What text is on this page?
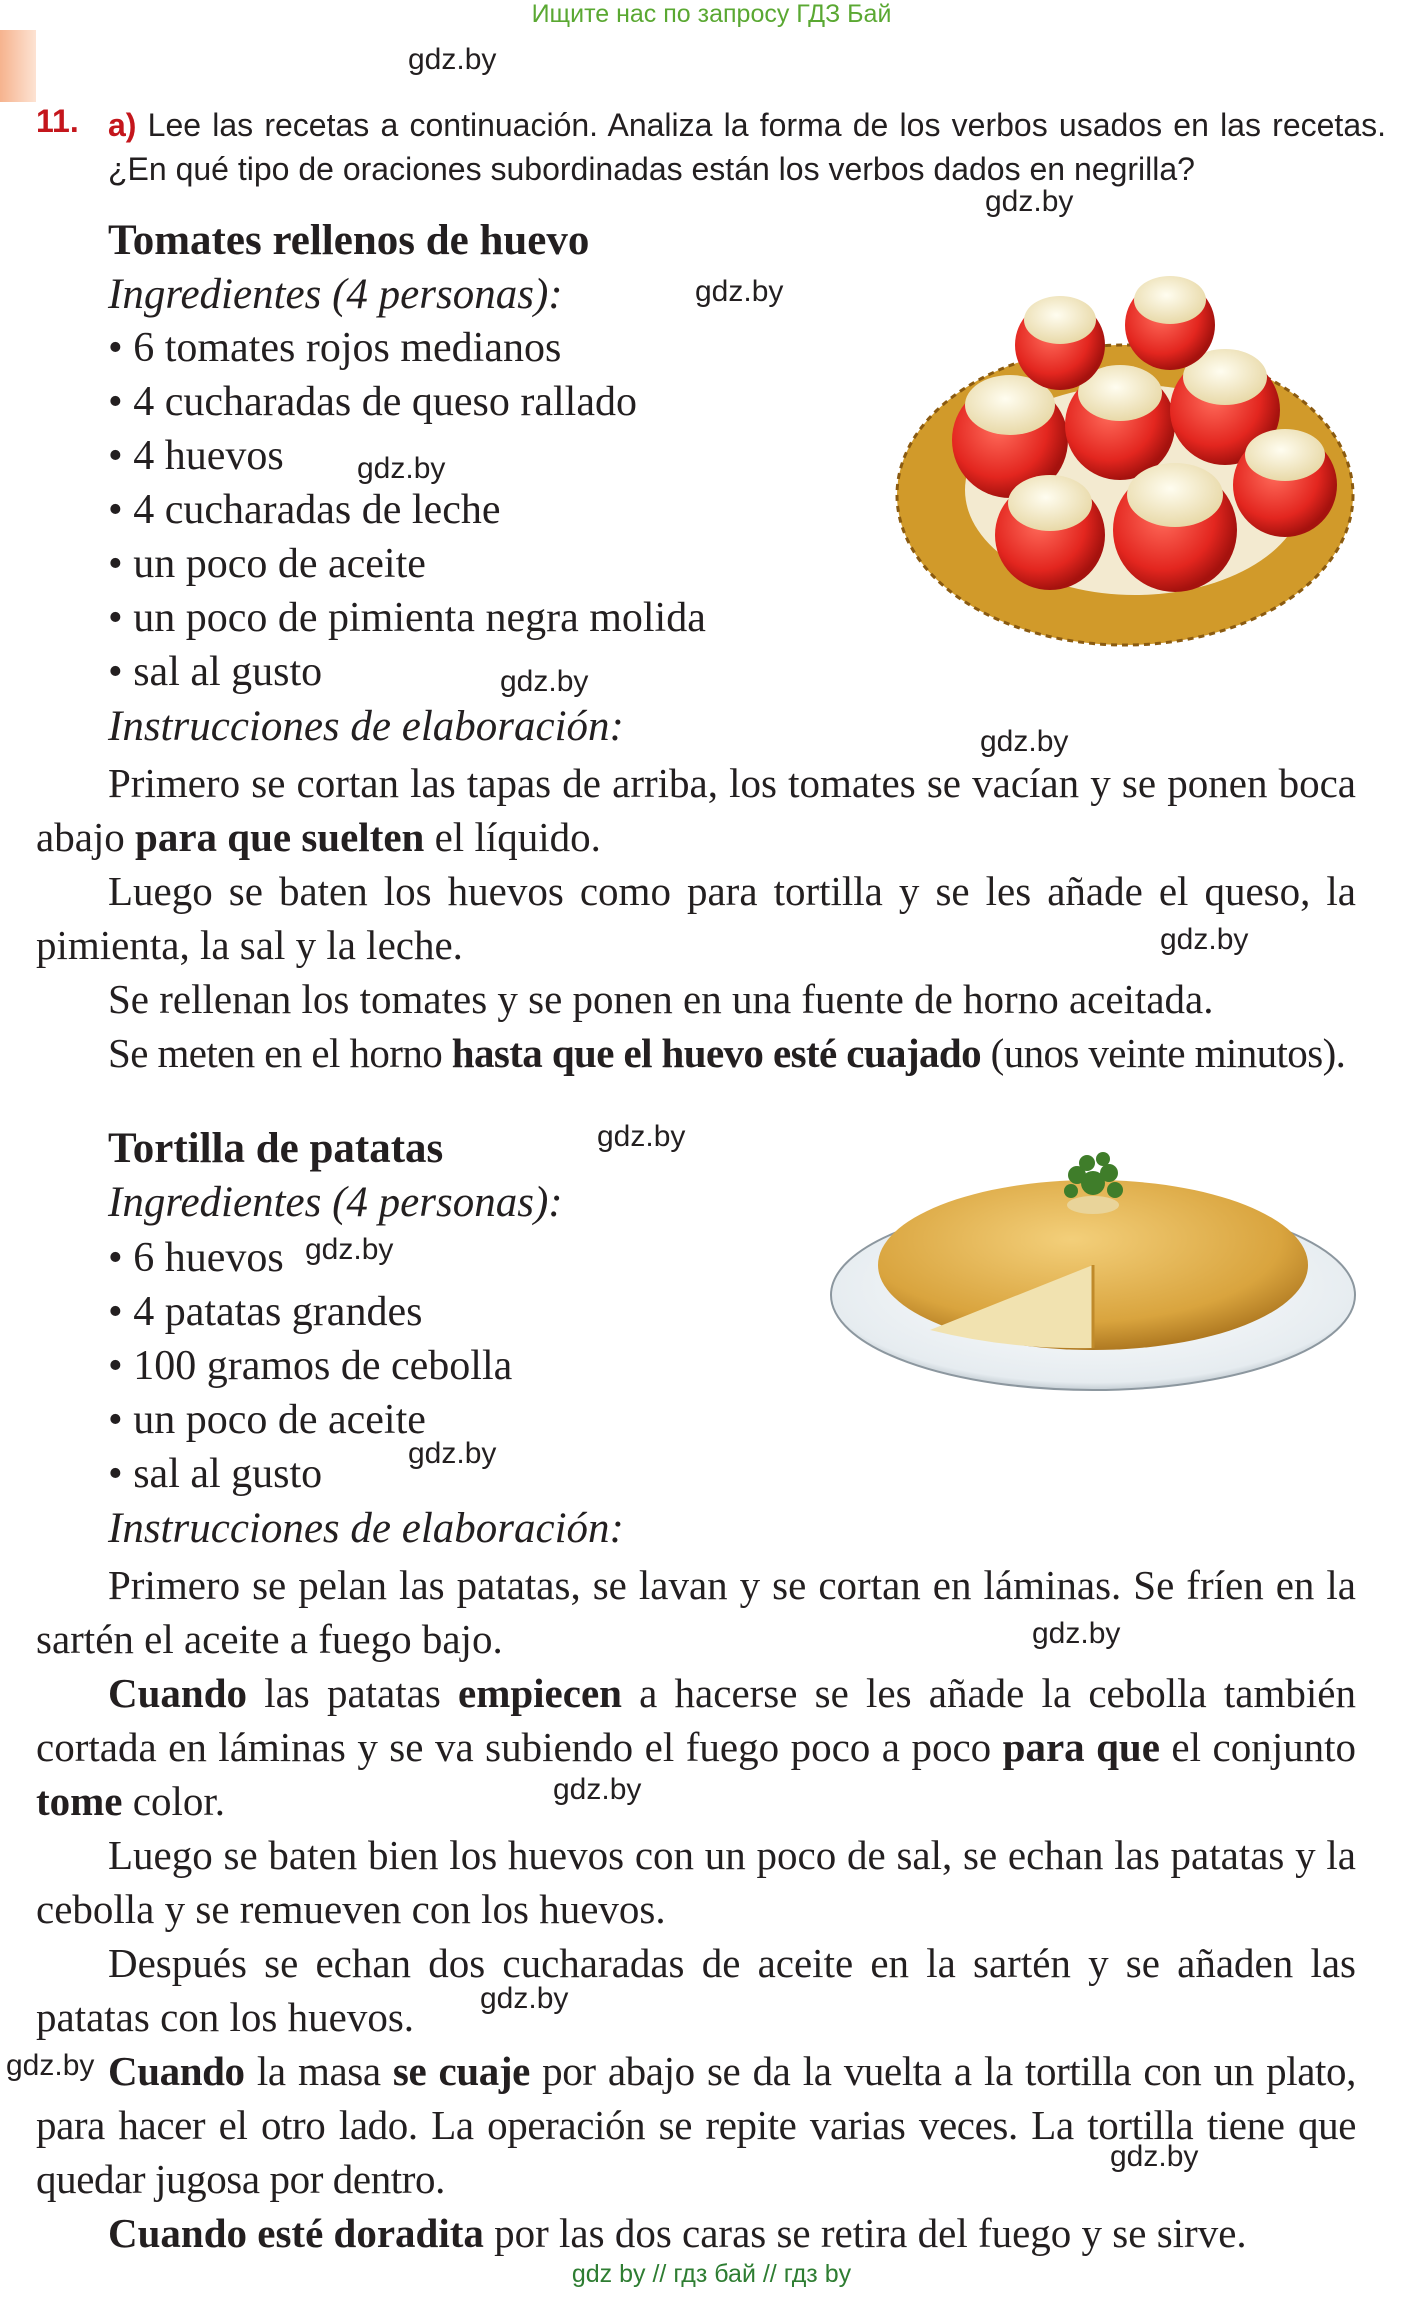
Ищите нас по запросу ГДЗ Бай
11. a) Lee las recetas a continuación. Analiza la forma de los verbos usados en las recetas. ¿En qué tipo de oraciones subordinadas están los verbos dados en negrilla?
Tomates rellenos de huevo
Ingredientes (4 personas):
• 6 tomates rojos medianos
• 4 cucharadas de queso rallado
• 4 huevos
• 4 cucharadas de leche
• un poco de aceite
• un poco de pimienta negra molida
• sal al gusto
Instrucciones de elaboración:
Primero se cortan las tapas de arriba, los tomates se vacían y se ponen boca abajo para que suelten el líquido.
Luego se baten los huevos como para tortilla y se les añade el queso, la pimienta, la sal y la leche.
Se rellenan los tomates y se ponen en una fuente de horno aceitada.
Se meten en el horno hasta que el huevo esté cuajado (unos veinte minutos).
Tortilla de patatas
Ingredientes (4 personas):
• 6 huevos
• 4 patatas grandes
• 100 gramos de cebolla
• un poco de aceite
• sal al gusto
Instrucciones de elaboración:
Primero se pelan las patatas, se lavan y se cortan en láminas. Se fríen en la sartén el aceite a fuego bajo.
Cuando las patatas empiecen a hacerse se les añade la cebolla también cortada en láminas y se va subiendo el fuego poco a poco para que el conjunto tome color.
Luego se baten bien los huevos con un poco de sal, se echan las patatas y la cebolla y se remueven con los huevos.
Después se echan dos cucharadas de aceite en la sartén y se añaden las patatas con los huevos.
Cuando la masa se cuaje por abajo se da la vuelta a la tortilla con un plato, para hacer el otro lado. La operación se repite varias veces. La tortilla tiene que quedar jugosa por dentro.
Cuando esté doradita por las dos caras se retira del fuego y se sirve.
gdz.by
gdz.by
gdz.by
gdz.by
gdz.by
gdz.by
gdz.by
gdz.by
gdz.by
gdz.by
gdz.by
gdz.by
gdz.by
gdz.by
gdz.by
gdz by // гдз бай // гдз by
